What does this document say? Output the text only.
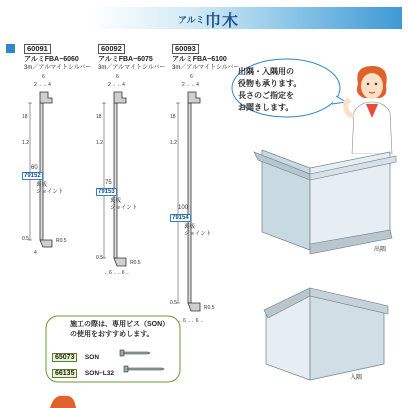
アルミ 巾木
60091
アルミFBA−6060
3m／アルマイトシルバー
60092
アルミFBA−6075
3m／アルマイトシルバー
60093
アルミFBA−6100
3m／アルマイトシルバー
6
2→ ←4
18
1.2
60
0.5	R0.5
4
6
2→ ←4
18
1.2
75
0.5
R0.5
←6→←6→
6
2→ ←4
18
1.2
100
0.5
R0.5
←6→←6→
79152
裏板
ジョイント	79153
裏板
ジョイント
79154
裏板
ジョイント
出隅・入隅用の
役物も承ります。
長さのご指定を
お聞きします。
出隅
入隅
施工の際は、専用ビス（SON）
の使用をおすすめします。
65073 SON
66135 SON−L32
